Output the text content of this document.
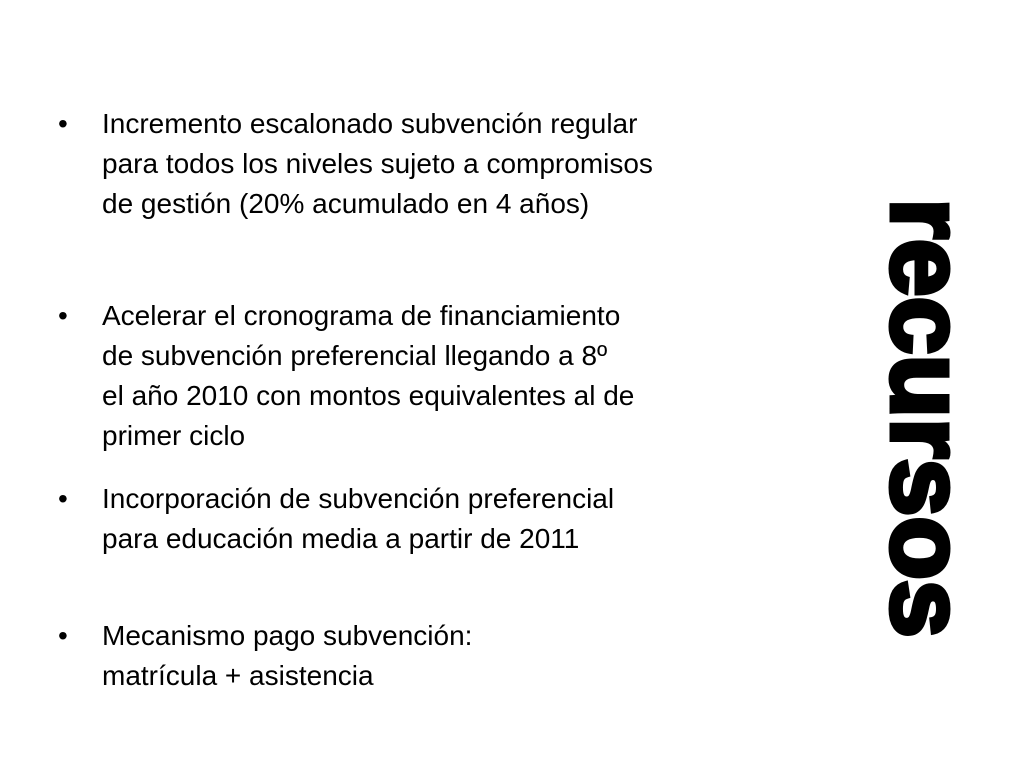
•	Incremento escalonado subvención regular
para todos los niveles sujeto a compromisos
de gestión (20% acumulado en 4 años)
•	Acelerar el cronograma de financiamiento
de subvención preferencial llegando a 8º
el año 2010 con montos equivalentes al de
primer ciclo
•	Incorporación de subvención preferencial
para educación media a partir de 2011
•	Mecanismo pago subvención:
matrícula + asistencia
recursos
